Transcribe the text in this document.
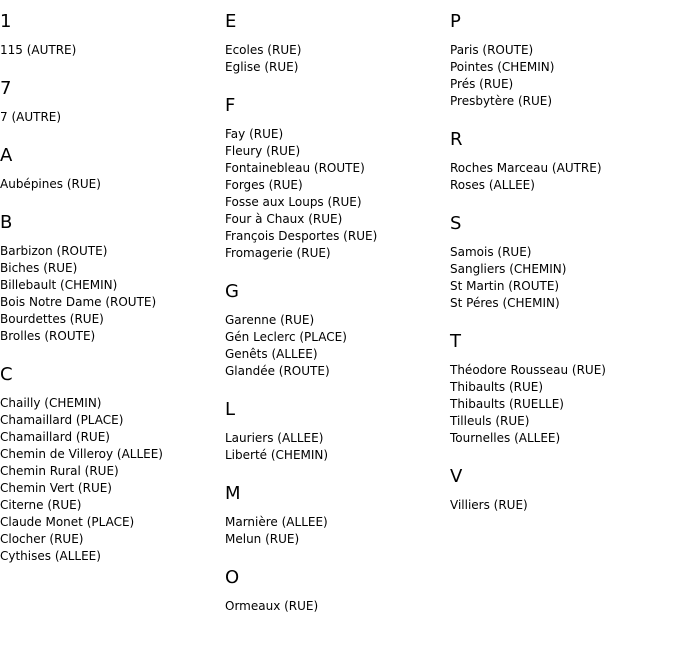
1
115 (AUTRE)
7
7 (AUTRE)
A
Aubépines (RUE)
B
Barbizon (ROUTE)
Biches (RUE)
Billebault (CHEMIN)
Bois Notre Dame (ROUTE)
Bourdettes (RUE)
Brolles (ROUTE)
C
Chailly (CHEMIN)
Chamaillard (PLACE)
Chamaillard (RUE)
Chemin de Villeroy (ALLEE)
Chemin Rural (RUE)
Chemin Vert (RUE)
Citerne (RUE)
Claude Monet (PLACE)
Clocher (RUE)
Cythises (ALLEE)
E
Ecoles (RUE)
Eglise (RUE)
F
Fay (RUE)
Fleury (RUE)
Fontainebleau (ROUTE)
Forges (RUE)
Fosse aux Loups (RUE)
Four à Chaux (RUE)
François Desportes (RUE)
Fromagerie (RUE)
G
Garenne (RUE)
Gén Leclerc (PLACE)
Genêts (ALLEE)
Glandée (ROUTE)
L
Lauriers (ALLEE)
Liberté (CHEMIN)
M
Marnière (ALLEE)
Melun (RUE)
O
Ormeaux (RUE)
P
Paris (ROUTE)
Pointes (CHEMIN)
Prés (RUE)
Presbytère (RUE)
R
Roches Marceau (AUTRE)
Roses (ALLEE)
S
Samois (RUE)
Sangliers (CHEMIN)
St Martin (ROUTE)
St Péres (CHEMIN)
T
Théodore Rousseau (RUE)
Thibaults (RUE)
Thibaults (RUELLE)
Tilleuls (RUE)
Tournelles (ALLEE)
V
Villiers (RUE)
